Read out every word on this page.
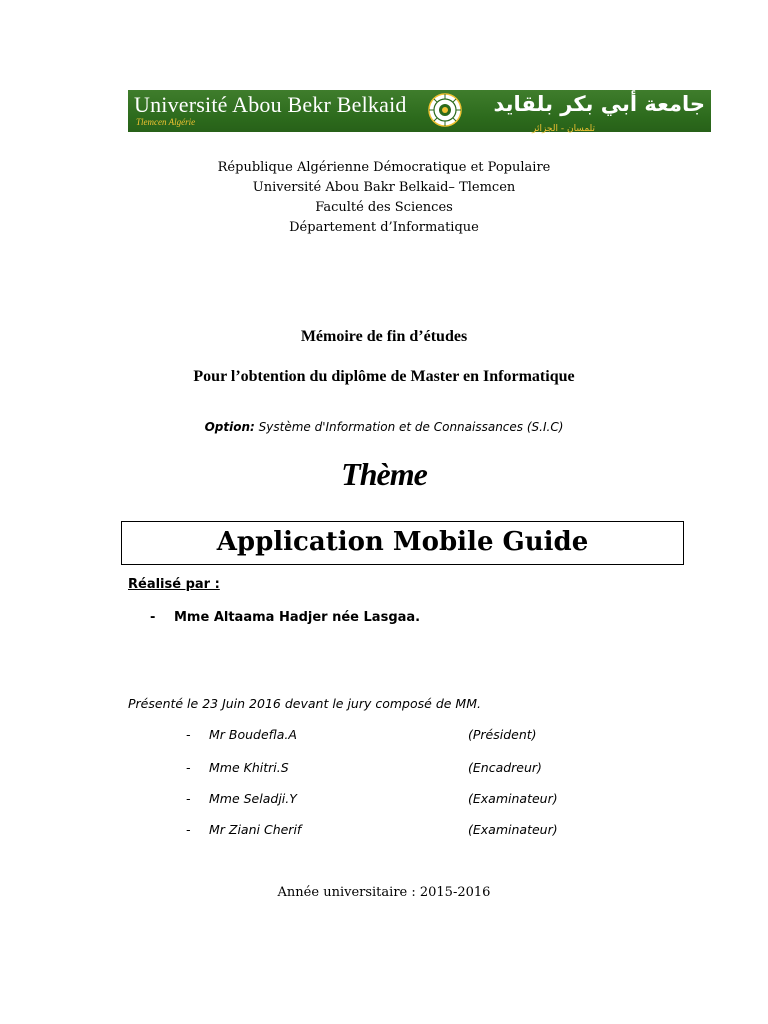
Université Abou Bekr Belkaid
Tlemcen Algérie
تلمسان - الجزائر
جامعة أبي بكر بلقايد
République Algérienne Démocratique et Populaire
Université Abou Bakr Belkaid– Tlemcen
Faculté des Sciences
Département d’Informatique
Mémoire de fin d’études
Pour l’obtention du diplôme de Master en Informatique
Option: Système d'Information et de Connaissances (S.I.C)
Thème
Application Mobile Guide
Réalisé par :
- Mme Altaama Hadjer née Lasgaa.
Présenté le 23 Juin 2016 devant le jury composé de MM.
- Mr Boudefla.A	(Président)
- Mme Khitri.S	(Encadreur)
- Mme Seladji.Y	(Examinateur)
- Mr Ziani Cherif	(Examinateur)
Année universitaire : 2015-2016
